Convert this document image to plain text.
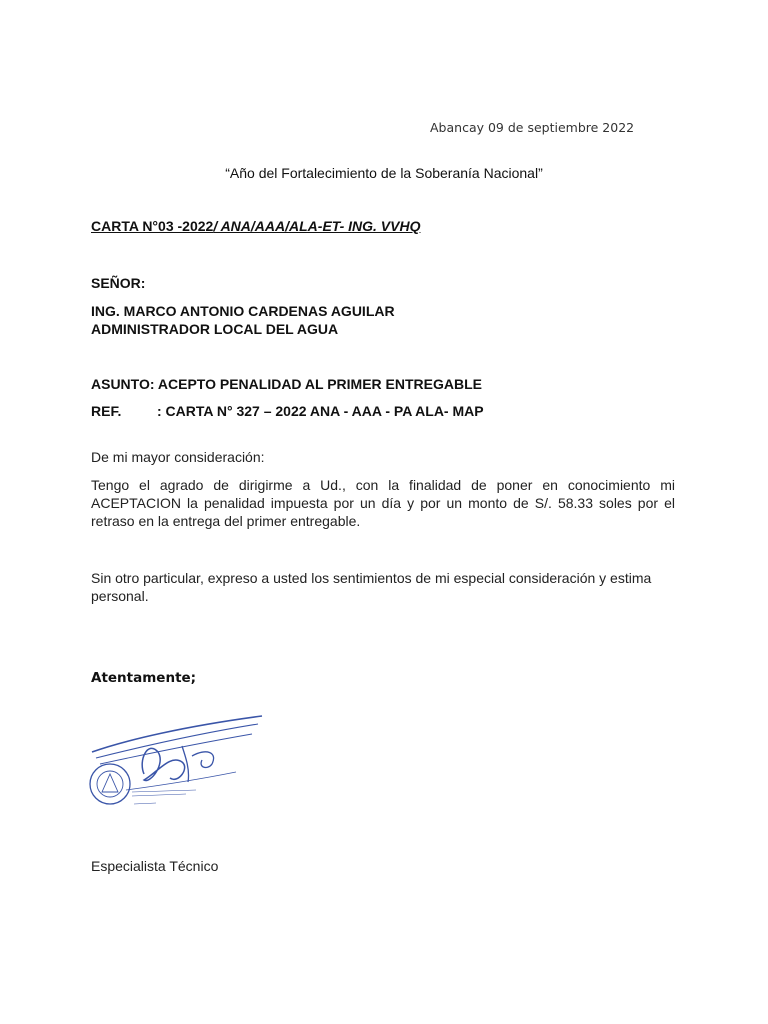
Abancay 09 de septiembre 2022
“Año del Fortalecimiento de la Soberanía Nacional”
CARTA N°03 -2022/ ANA/AAA/ALA-ET- ING. VVHQ
SEÑOR:
ING. MARCO ANTONIO CARDENAS AGUILAR
ADMINISTRADOR LOCAL DEL AGUA
ASUNTO: ACEPTO PENALIDAD AL PRIMER ENTREGABLE
REF.	: CARTA N° 327 – 2022 ANA - AAA - PA ALA- MAP
De mi mayor consideración:
Tengo el agrado de dirigirme a Ud., con la finalidad de poner en conocimiento mi ACEPTACION la penalidad impuesta por un día y por un monto de S/. 58.33 soles por el retraso en la entrega del primer entregable.
Sin otro particular, expreso a usted los sentimientos de mi especial consideración y estima personal.
Atentamente;
Especialista Técnico
